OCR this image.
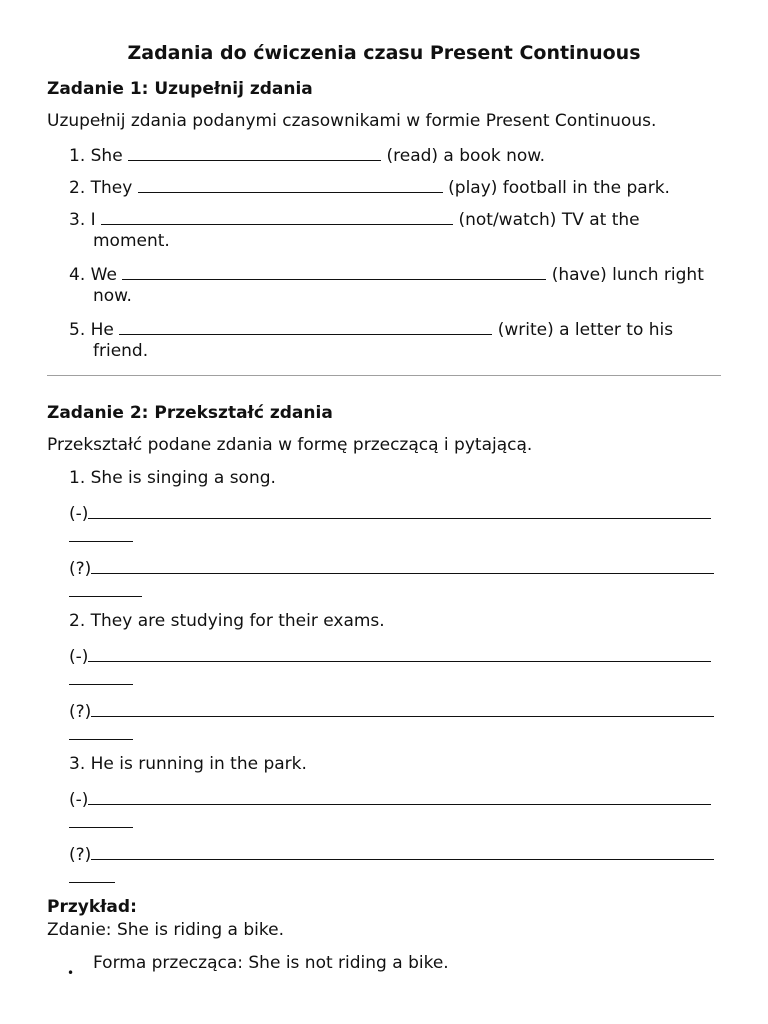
Zadania do ćwiczenia czasu Present Continuous
Zadanie 1: Uzupełnij zdania
Uzupełnij zdania podanymi czasownikami w formie Present Continuous.
1. She	(read) a book now.
2. They	(play) football in the park.
3. I	(not/watch) TV at the
moment.
4. We	(have) lunch right
now.
5. He	(write) a letter to his
friend.
Zadanie 2: Przekształć zdania
Przekształć podane zdania w formę przeczącą i pytającą.
1. She is singing a song.
(-)
(?)
2. They are studying for their exams.
(-)
(?)
3. He is running in the park.
(-)
(?)
Przykład:
Zdanie: She is riding a bike.
• Forma przecząca: She is not riding a bike.
